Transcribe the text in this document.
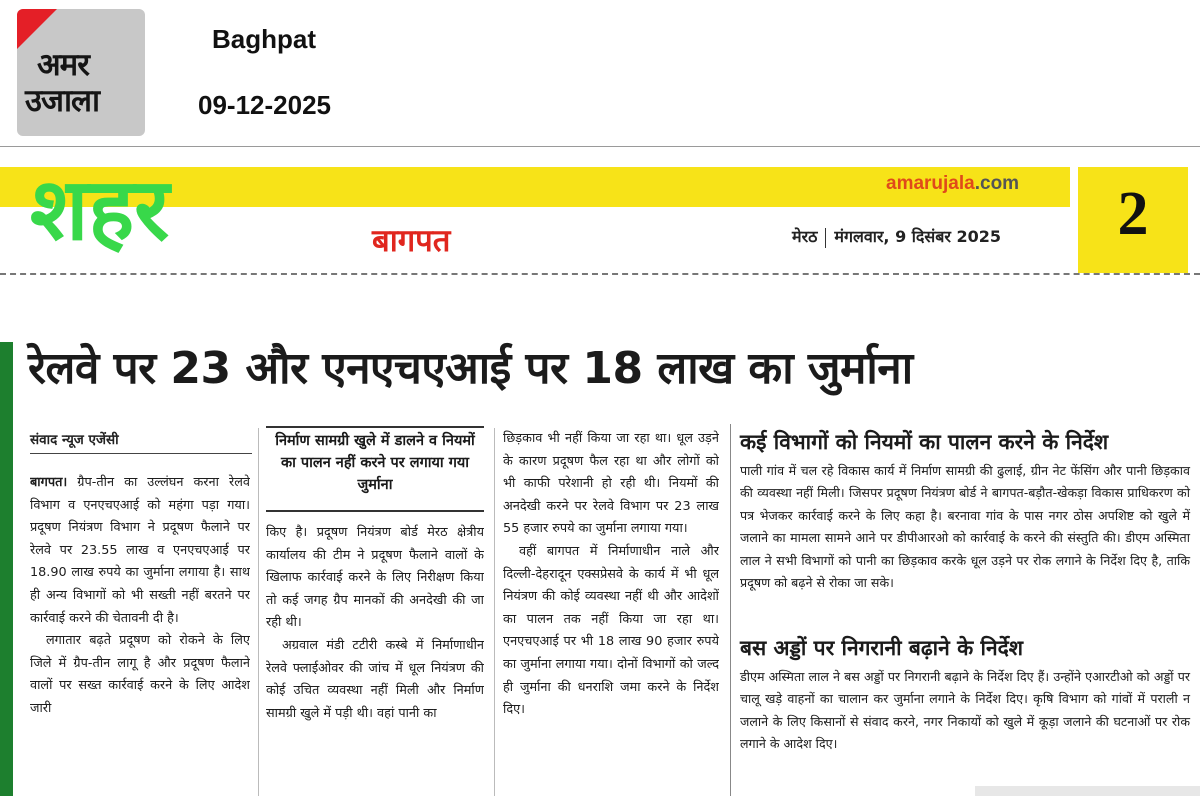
अमर
उजाला
Baghpat
09-12-2025
शहर	amarujala.com
बागपत	मेरठ मंगलवार, 9 दिसंबर 2025	2
रेलवे पर 23 और एनएचएआई पर 18 लाख का जुर्माना
संवाद न्यूज एजेंसी

बागपत। ग्रैप-तीन का उल्लंघन करना रेलवे विभाग व एनएचएआई को महंगा पड़ा गया। प्रदूषण नियंत्रण विभाग ने प्रदूषण फैलाने पर रेलवे पर 23.55 लाख व एनएचएआई पर 18.90 लाख रुपये का जुर्माना लगाया है। साथ ही अन्य विभागों को भी सख्ती नहीं बरतने पर कार्रवाई करने की चेतावनी दी है।

लगातार बढ़ते प्रदूषण को रोकने के लिए जिले में ग्रैप-तीन लागू है और प्रदूषण फैलाने वालों पर सख्त कार्रवाई करने के लिए आदेश जारी

निर्माण सामग्री खुले में डालने व नियमों का पालन नहीं करने पर लगाया गया जुर्माना

किए है। प्रदूषण नियंत्रण बोर्ड मेरठ क्षेत्रीय कार्यालय की टीम ने प्रदूषण फैलाने वालों के खिलाफ कार्रवाई करने के लिए निरीक्षण किया तो कई जगह ग्रैप मानकों की अनदेखी की जा रही थी।

अग्रवाल मंडी टटीरी कस्बे में निर्माणाधीन रेलवे फ्लाईओवर की जांच में धूल नियंत्रण की कोई उचित व्यवस्था नहीं मिली और निर्माण सामग्री खुले में पड़ी थी। वहां पानी का

छिड़काव भी नहीं किया जा रहा था। धूल उड़ने के कारण प्रदूषण फैल रहा था और लोगों को भी काफी परेशानी हो रही थी। नियमों की अनदेखी करने पर रेलवे विभाग पर 23 लाख 55 हजार रुपये का जुर्माना लगाया गया।

वहीं बागपत में निर्माणाधीन नाले और दिल्ली-देहरादून एक्सप्रेसवे के कार्य में भी धूल नियंत्रण की कोई व्यवस्था नहीं थी और आदेशों का पालन तक नहीं किया जा रहा था। एनएचएआई पर भी 18 लाख 90 हजार रुपये का जुर्माना लगाया गया। दोनों विभागों को जल्द ही जुर्माना की धनराशि जमा करने के निर्देश दिए।

कई विभागों को नियमों का पालन करने के निर्देश
पाली गांव में चल रहे विकास कार्य में निर्माण सामग्री की ढुलाई, ग्रीन नेट फेंसिंग और पानी छिड़काव की व्यवस्था नहीं मिली। जिसपर प्रदूषण नियंत्रण बोर्ड ने बागपत-बड़ौत-खेकड़ा विकास प्राधिकरण को पत्र भेजकर कार्रवाई करने के लिए कहा है। बरनावा गांव के पास नगर ठोस अपशिष्ट को खुले में जलाने का मामला सामने आने पर डीपीआरओ को कार्रवाई के करने की संस्तुति की। डीएम अस्मिता लाल ने सभी विभागों को पानी का छिड़काव करके धूल उड़ने पर रोक लगाने के निर्देश दिए है, ताकि प्रदूषण को बढ़ने से रोका जा सके।
बस अड्डों पर निगरानी बढ़ाने के निर्देश
डीएम अस्मिता लाल ने बस अड्डों पर निगरानी बढ़ाने के निर्देश दिए हैं। उन्होंने एआरटीओ को अड्डों पर चालू खड़े वाहनों का चालान कर जुर्माना लगाने के निर्देश दिए। कृषि विभाग को गांवों में पराली न जलाने के लिए किसानों से संवाद करने, नगर निकायों को खुले में कूड़ा जलाने की घटनाओं पर रोक लगाने के आदेश दिए।
